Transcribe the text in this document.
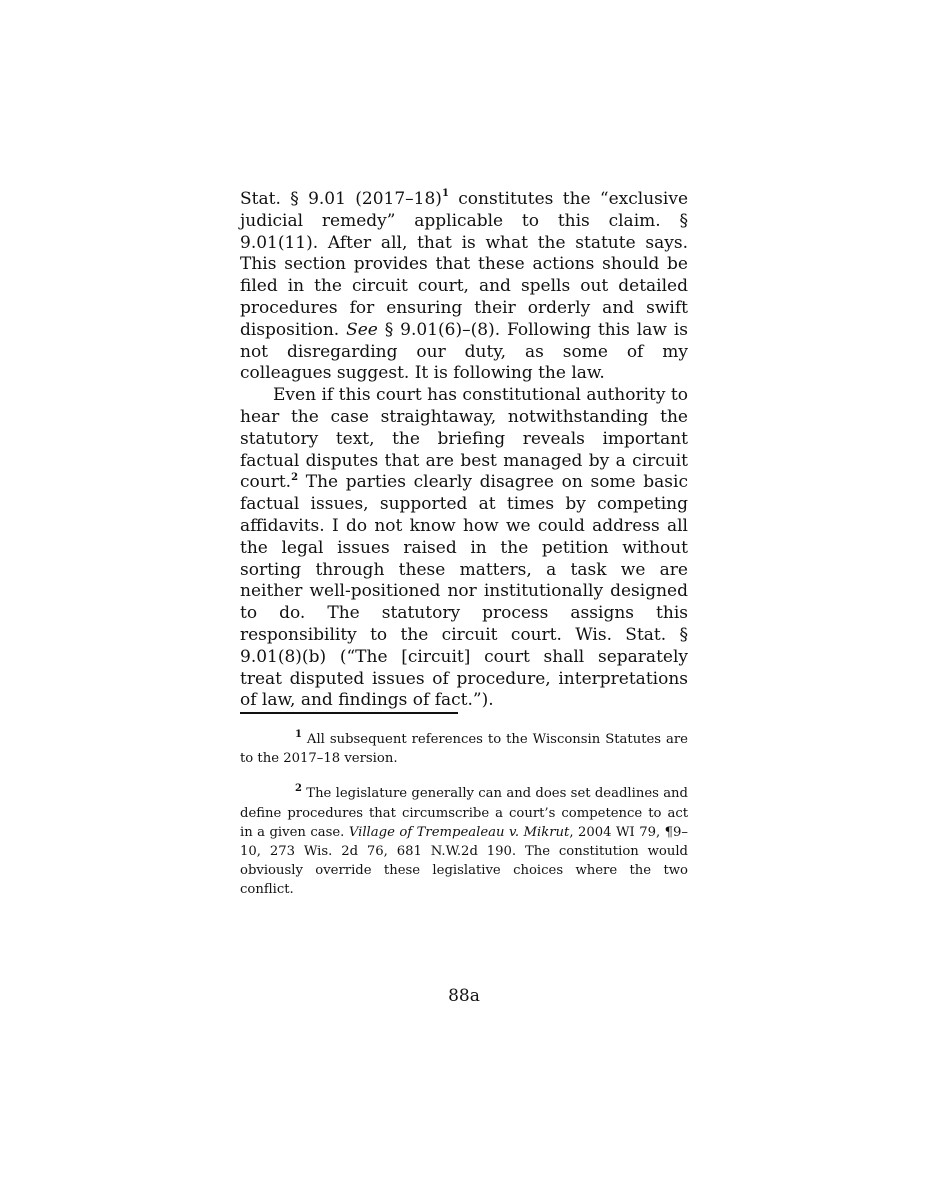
Stat. § 9.01 (2017–18)$^1$ constitutes the “exclusive judicial remedy” applicable to this claim. § 9.01(11). After all, that is what the statute says. This section provides that these actions should be filed in the circuit court, and spells out detailed procedures for ensuring their orderly and swift disposition. See § 9.01(6)–(8). Following this law is not disregarding our duty, as some of my colleagues suggest. It is following the law.

Even if this court has constitutional authority to hear the case straightaway, notwithstanding the statutory text, the briefing reveals important factual disputes that are best managed by a circuit court.$^2$ The parties clearly disagree on some basic factual issues, supported at times by competing affidavits. I do not know how we could address all the legal issues raised in the petition without sorting through these matters, a task we are neither well-positioned nor institutionally designed to do. The statutory process assigns this responsibility to the circuit court. Wis. Stat. § 9.01(8)(b) (“The [circuit] court shall separately treat disputed issues of procedure, interpretations of law, and findings of fact.”).

$^1$ All subsequent references to the Wisconsin Statutes are to the 2017–18 version.

$^2$ The legislature generally can and does set deadlines and define procedures that circumscribe a court’s competence to act in a given case. Village of Trempealeau v. Mikrut, 2004 WI 79, ¶9–10, 273 Wis. 2d 76, 681 N.W.2d 190. The constitution would obviously override these legislative choices where the two conflict.

88a
